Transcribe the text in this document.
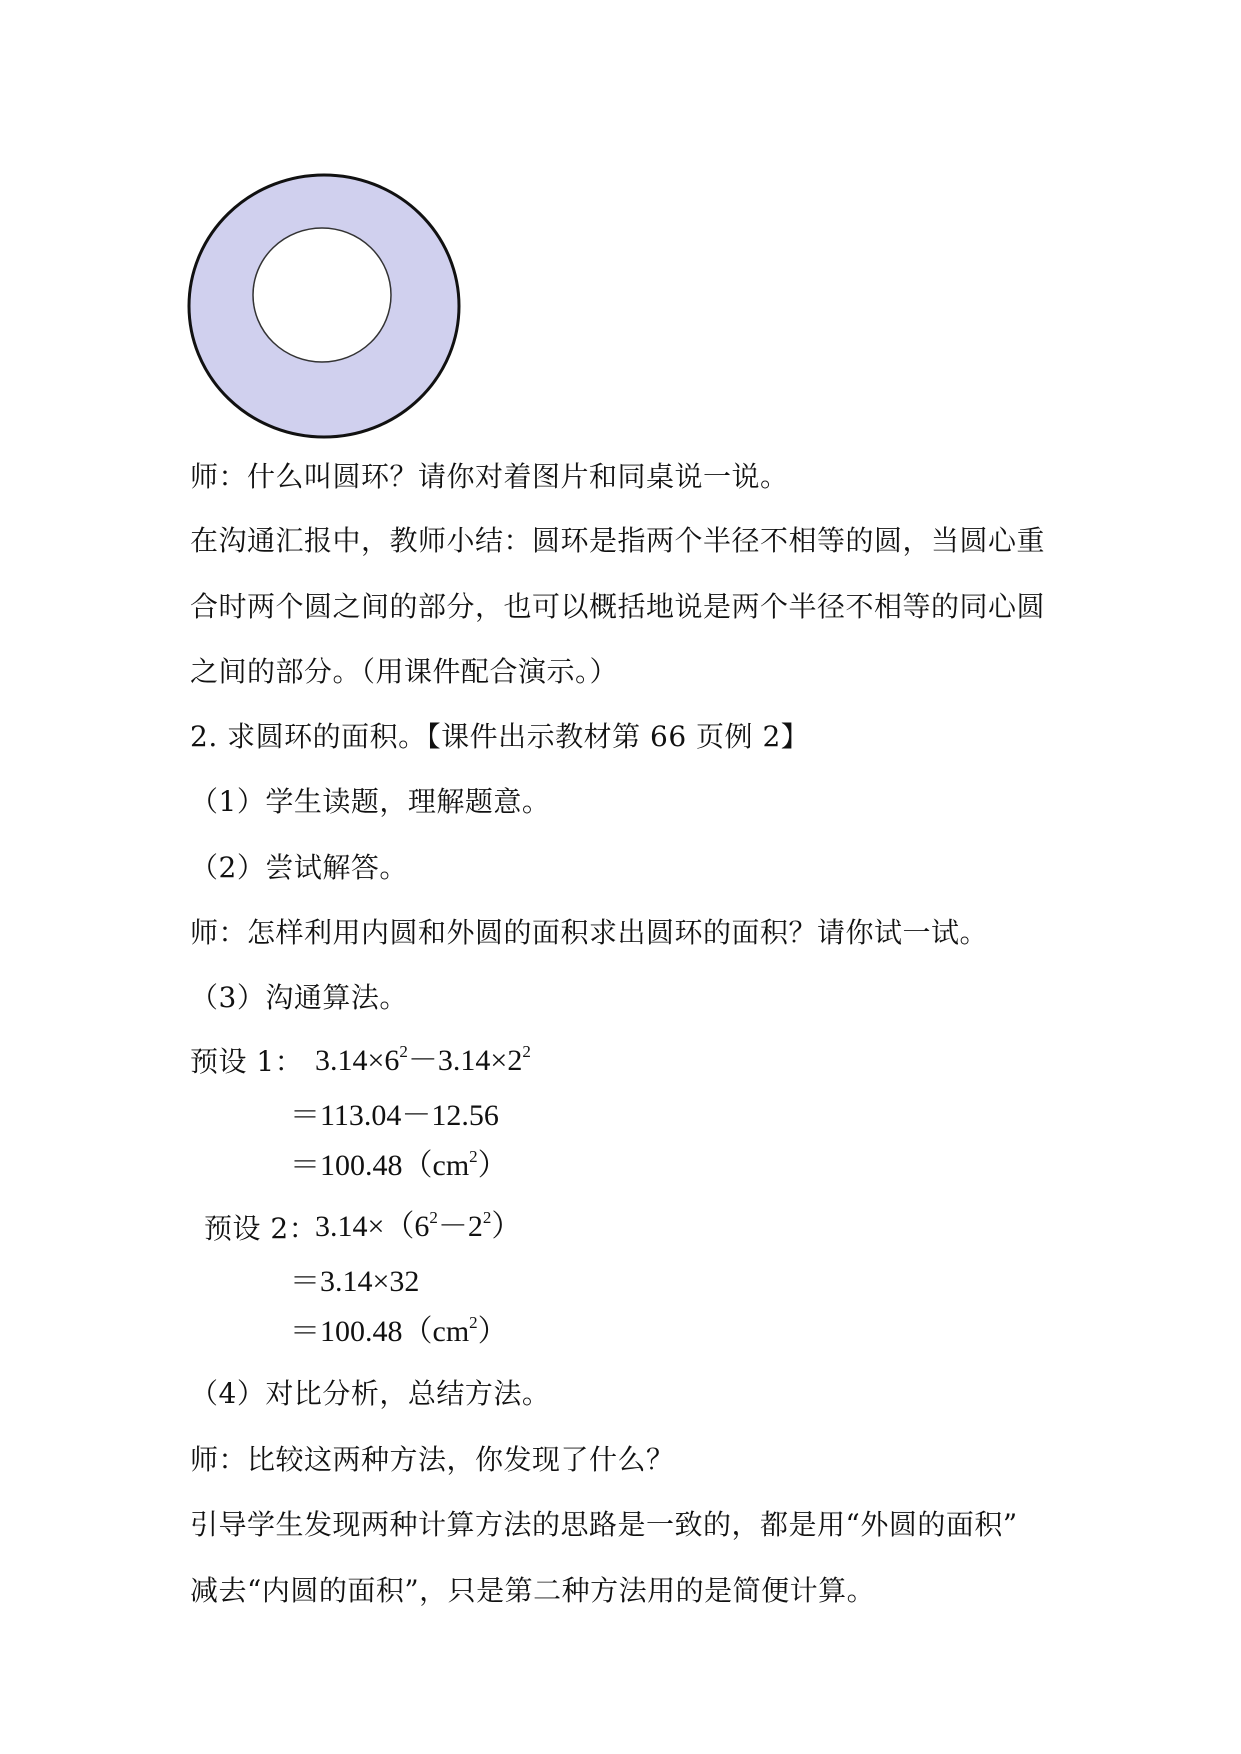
师：什么叫圆环？请你对着图片和同桌说一说。
在沟通汇报中，教师小结：圆环是指两个半径不相等的圆，当圆心重
合时两个圆之间的部分，也可以概括地说是两个半径不相等的同心圆
之间的部分。（用课件配合演示。）
2. 求圆环的面积。【课件出示教材第 66 页例 2】
（1）学生读题，理解题意。
（2）尝试解答。
师：怎样利用内圆和外圆的面积求出圆环的面积？请你试一试。
（3）沟通算法。
预设 1： $3.14\times 6^2-3.14\times 2^2$
＝113.04－12.56
$=100.48(cm^2)$
预设 2：
$3.14\times(6^2-2^2)$
＝3.14×32
$=100.48(cm^2)$
（4）对比分析，总结方法。
师：比较这两种方法，你发现了什么？
引导学生发现两种计算方法的思路是一致的，都是用“外圆的面积”
减去“内圆的面积”，只是第二种方法用的是简便计算。
